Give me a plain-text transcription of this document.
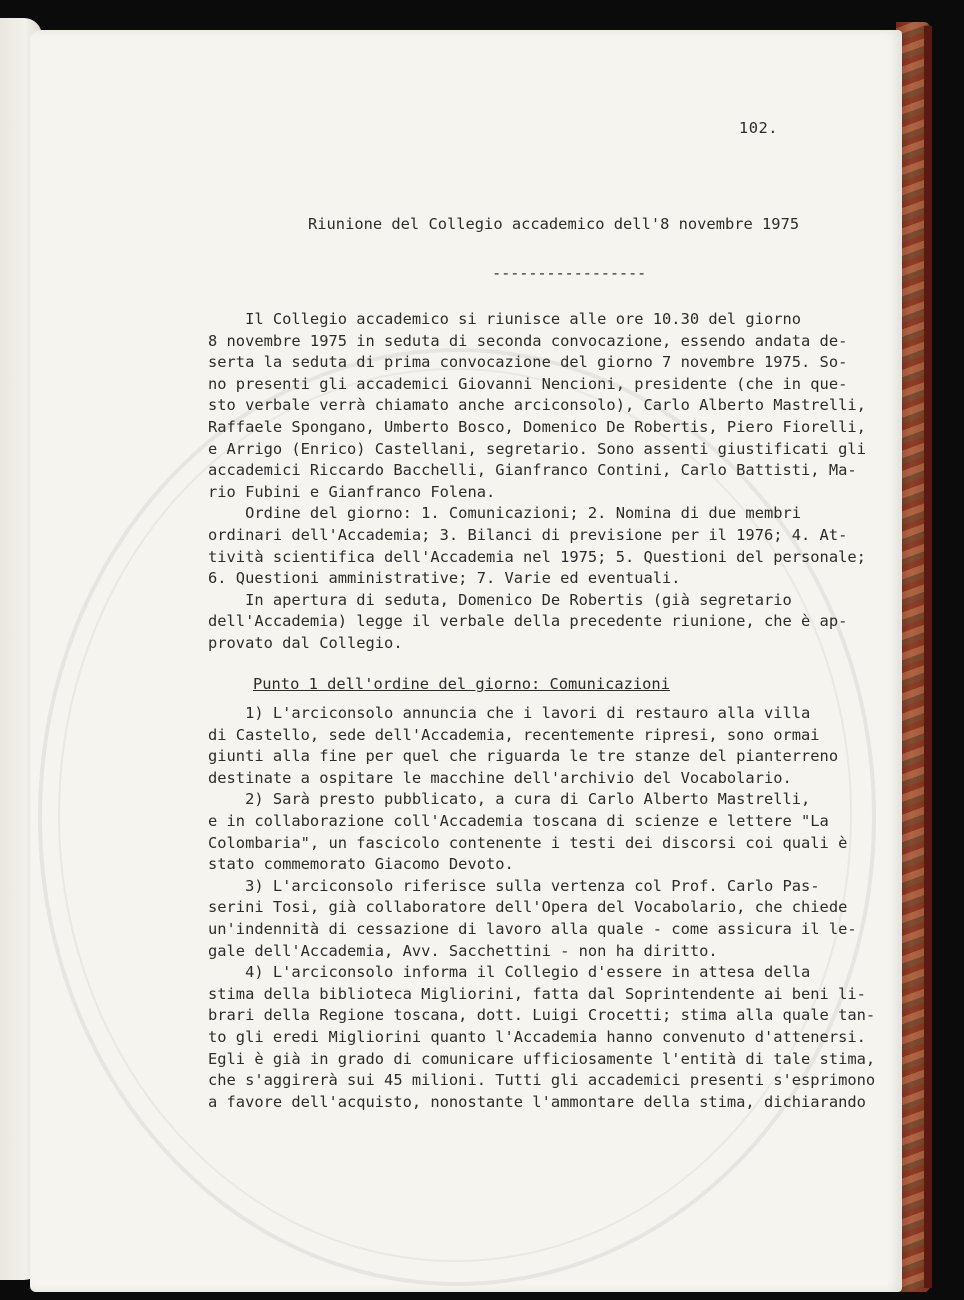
102.
Riunione del Collegio accademico dell'8 novembre 1975
-----------------
Il Collegio accademico si riunisce alle ore 10.30 del giorno
8 novembre 1975 in seduta di seconda convocazione, essendo andata de-
serta la seduta di prima convocazione del giorno 7 novembre 1975. So-
no presenti gli accademici Giovanni Nencioni, presidente (che in que-
sto verbale verrà chiamato anche arciconsolo), Carlo Alberto Mastrelli,
Raffaele Spongano, Umberto Bosco, Domenico De Robertis, Piero Fiorelli,
e Arrigo (Enrico) Castellani, segretario. Sono assenti giustificati gli
accademici Riccardo Bacchelli, Gianfranco Contini, Carlo Battisti, Ma-
rio Fubini e Gianfranco Folena.
Ordine del giorno: 1. Comunicazioni; 2. Nomina di due membri
ordinari dell'Accademia; 3. Bilanci di previsione per il 1976; 4. At-
tività scientifica dell'Accademia nel 1975; 5. Questioni del personale;
6. Questioni amministrative; 7. Varie ed eventuali.
In apertura di seduta, Domenico De Robertis (già segretario
dell'Accademia) legge il verbale della precedente riunione, che è ap-
provato dal Collegio.
Punto 1 dell'ordine del giorno: Comunicazioni
1) L'arciconsolo annuncia che i lavori di restauro alla villa
di Castello, sede dell'Accademia, recentemente ripresi, sono ormai
giunti alla fine per quel che riguarda le tre stanze del pianterreno
destinate a ospitare le macchine dell'archivio del Vocabolario.
2) Sarà presto pubblicato, a cura di Carlo Alberto Mastrelli,
e in collaborazione coll'Accademia toscana di scienze e lettere "La
Colombaria", un fascicolo contenente i testi dei discorsi coi quali è
stato commemorato Giacomo Devoto.
3) L'arciconsolo riferisce sulla vertenza col Prof. Carlo Pas-
serini Tosi, già collaboratore dell'Opera del Vocabolario, che chiede
un'indennità di cessazione di lavoro alla quale - come assicura il le-
gale dell'Accademia, Avv. Sacchettini - non ha diritto.
4) L'arciconsolo informa il Collegio d'essere in attesa della
stima della biblioteca Migliorini, fatta dal Soprintendente ai beni li-
brari della Regione toscana, dott. Luigi Crocetti; stima alla quale tan-
to gli eredi Migliorini quanto l'Accademia hanno convenuto d'attenersi.
Egli è già in grado di comunicare ufficiosamente l'entità di tale stima,
che s'aggirerà sui 45 milioni. Tutti gli accademici presenti s'esprimono
a favore dell'acquisto, nonostante l'ammontare della stima, dichiarando
